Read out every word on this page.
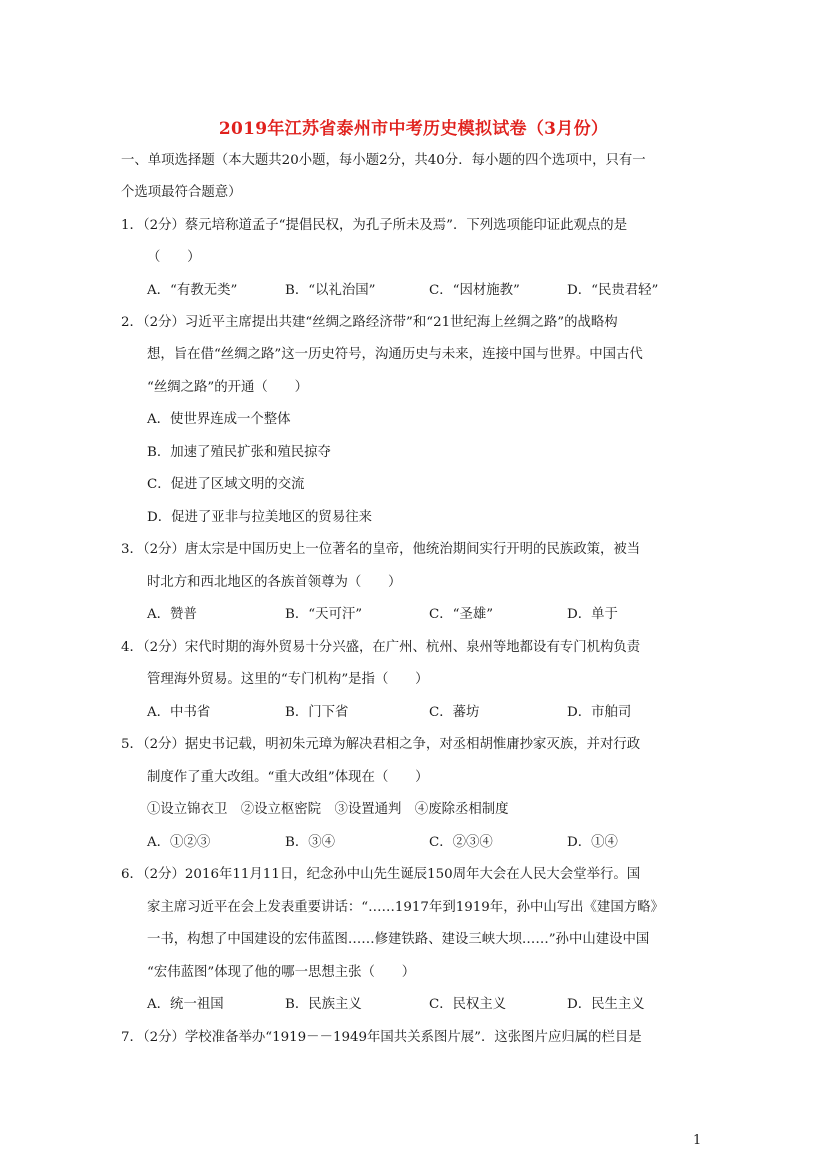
2019年江苏省泰州市中考历史模拟试卷（3月份）
一、单项选择题（本大题共20小题，每小题2分，共40分．每小题的四个选项中，只有一
个选项最符合题意）
1．（2分）蔡元培称道孟子“提倡民权，为孔子所未及焉”．下列选项能印证此观点的是
（　　）
A．“有教无类”	B．“以礼治国”	C．“因材施教”	D．“民贵君轻”
2．（2分）习近平主席提出共建“丝绸之路经济带”和“21世纪海上丝绸之路”的战略构
想，旨在借“丝绸之路”这一历史符号，沟通历史与未来，连接中国与世界。中国古代
“丝绸之路”的开通（　　）
A．使世界连成一个整体
B．加速了殖民扩张和殖民掠夺
C．促进了区域文明的交流
D．促进了亚非与拉美地区的贸易往来
3．（2分）唐太宗是中国历史上一位著名的皇帝，他统治期间实行开明的民族政策，被当
时北方和西北地区的各族首领尊为（　　）
A．赞普	B．“天可汗”	C．“圣雄”	D．单于
4．（2分）宋代时期的海外贸易十分兴盛，在广州、杭州、泉州等地都设有专门机构负责
管理海外贸易。这里的“专门机构”是指（　　）
A．中书省	B．门下省	C．蕃坊	D．市舶司
5．（2分）据史书记载，明初朱元璋为解决君相之争，对丞相胡惟庸抄家灭族，并对行政
制度作了重大改组。“重大改组”体现在（　　）
①设立锦衣卫　②设立枢密院　③设置通判　④废除丞相制度
A．①②③	B．③④	C．②③④	D．①④
6．（2分）2016年11月11日，纪念孙中山先生诞辰150周年大会在人民大会堂举行。国
家主席习近平在会上发表重要讲话：“……1917年到1919年，孙中山写出《建国方略》
一书，构想了中国建设的宏伟蓝图……修建铁路、建设三峡大坝……”孙中山建设中国
“宏伟蓝图”体现了他的哪一思想主张（　　）
A．统一祖国	B．民族主义	C．民权主义	D．民生主义
7．（2分）学校准备举办“1919－－1949年国共关系图片展”．这张图片应归属的栏目是
1
